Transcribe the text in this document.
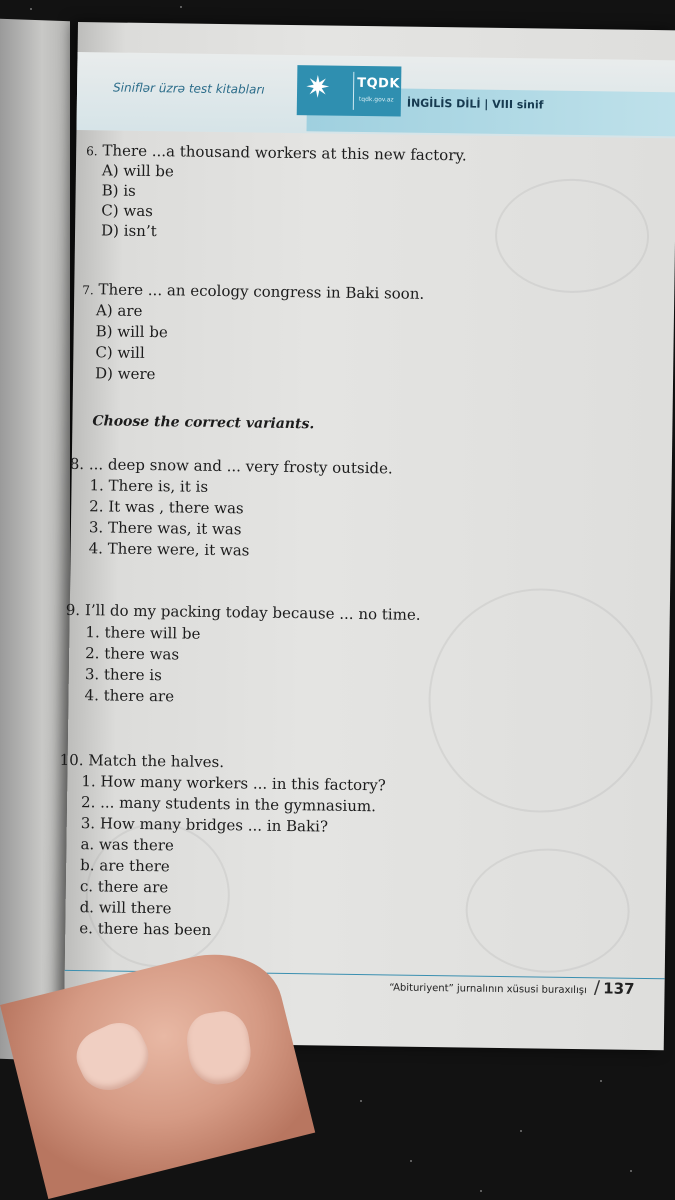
Siniflər üzrə test kitabları ✷ TQDK
tqdk.gov.az İNGİLİS DİLİ | VIII sinif
6. There ...a thousand workers at this new factory.
A) will be
B) is
C) was
D) isn’t
7. There ... an ecology congress in Baki soon.
A) are
B) will be
C) will
D) were
Choose the correct variants.
8. ... deep snow and ... very frosty outside.
1. There is, it is
2. It was , there was
3. There was, it was
4. There were, it was
9. I’ll do my packing today because ... no time.
1. there will be
2. there was
3. there is
4. there are
10. Match the halves.
1. How many workers ... in this factory?
2. ... many students in the gymnasium.
3. How many bridges ... in Baki?
a. was there
b. are there
c. there are
d. will there
e. there has been
“Abituriyent” jurnalının xüsusi buraxılışı / 137
